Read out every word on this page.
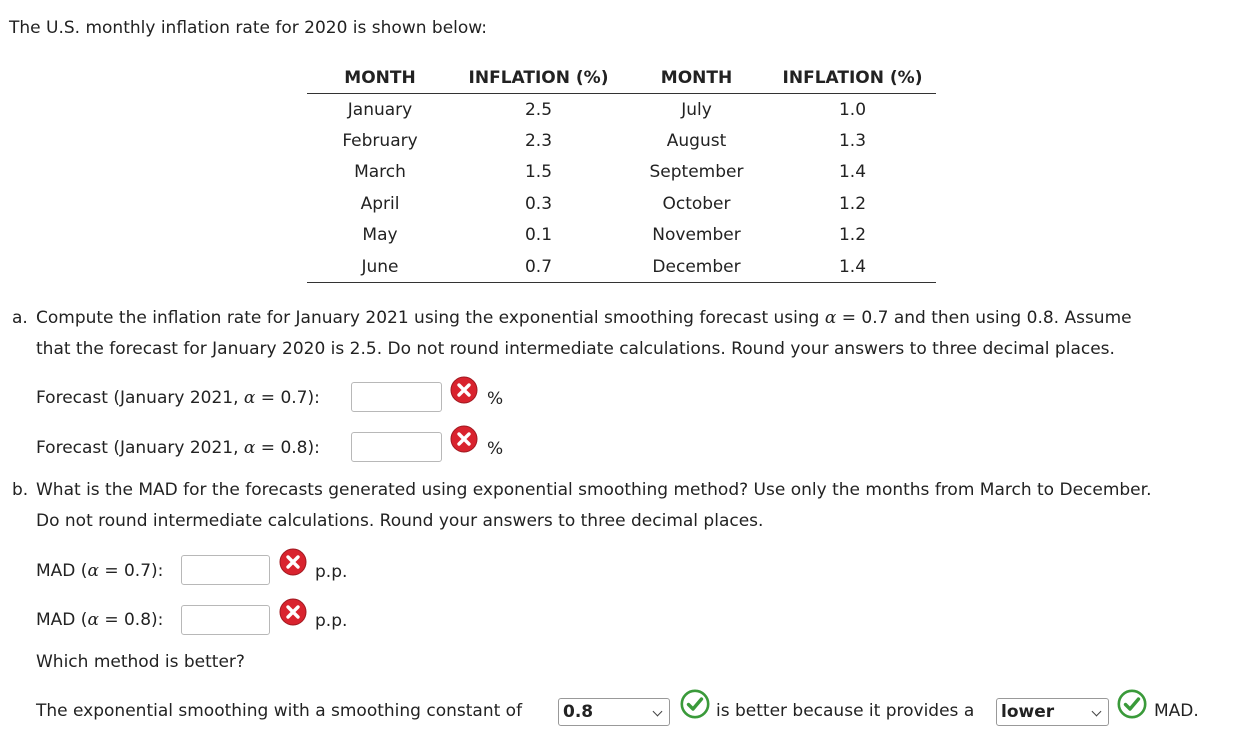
The U.S. monthly inflation rate for 2020 is shown below:
MONTH	INFLATION (%)	MONTH	INFLATION (%)
January	2.5	July	1.0
February	2.3	August	1.3
March	1.5	September	1.4
April	0.3	October	1.2
May	0.1	November	1.2
June	0.7	December	1.4
a. Compute the inflation rate for January 2021 using the exponential smoothing forecast using α = 0.7 and then using 0.8. Assume
that the forecast for January 2020 is 2.5. Do not round intermediate calculations. Round your answers to three decimal places.
Forecast (January 2021, α = 0.7):	%
Forecast (January 2021, α = 0.8):	%
b. What is the MAD for the forecasts generated using exponential smoothing method? Use only the months from March to December.
Do not round intermediate calculations. Round your answers to three decimal places.
MAD (α = 0.7):	p.p.
MAD (α = 0.8):	p.p.
Which method is better?
The exponential smoothing with a smoothing constant of 0.8	is better because it provides a lower	MAD.
